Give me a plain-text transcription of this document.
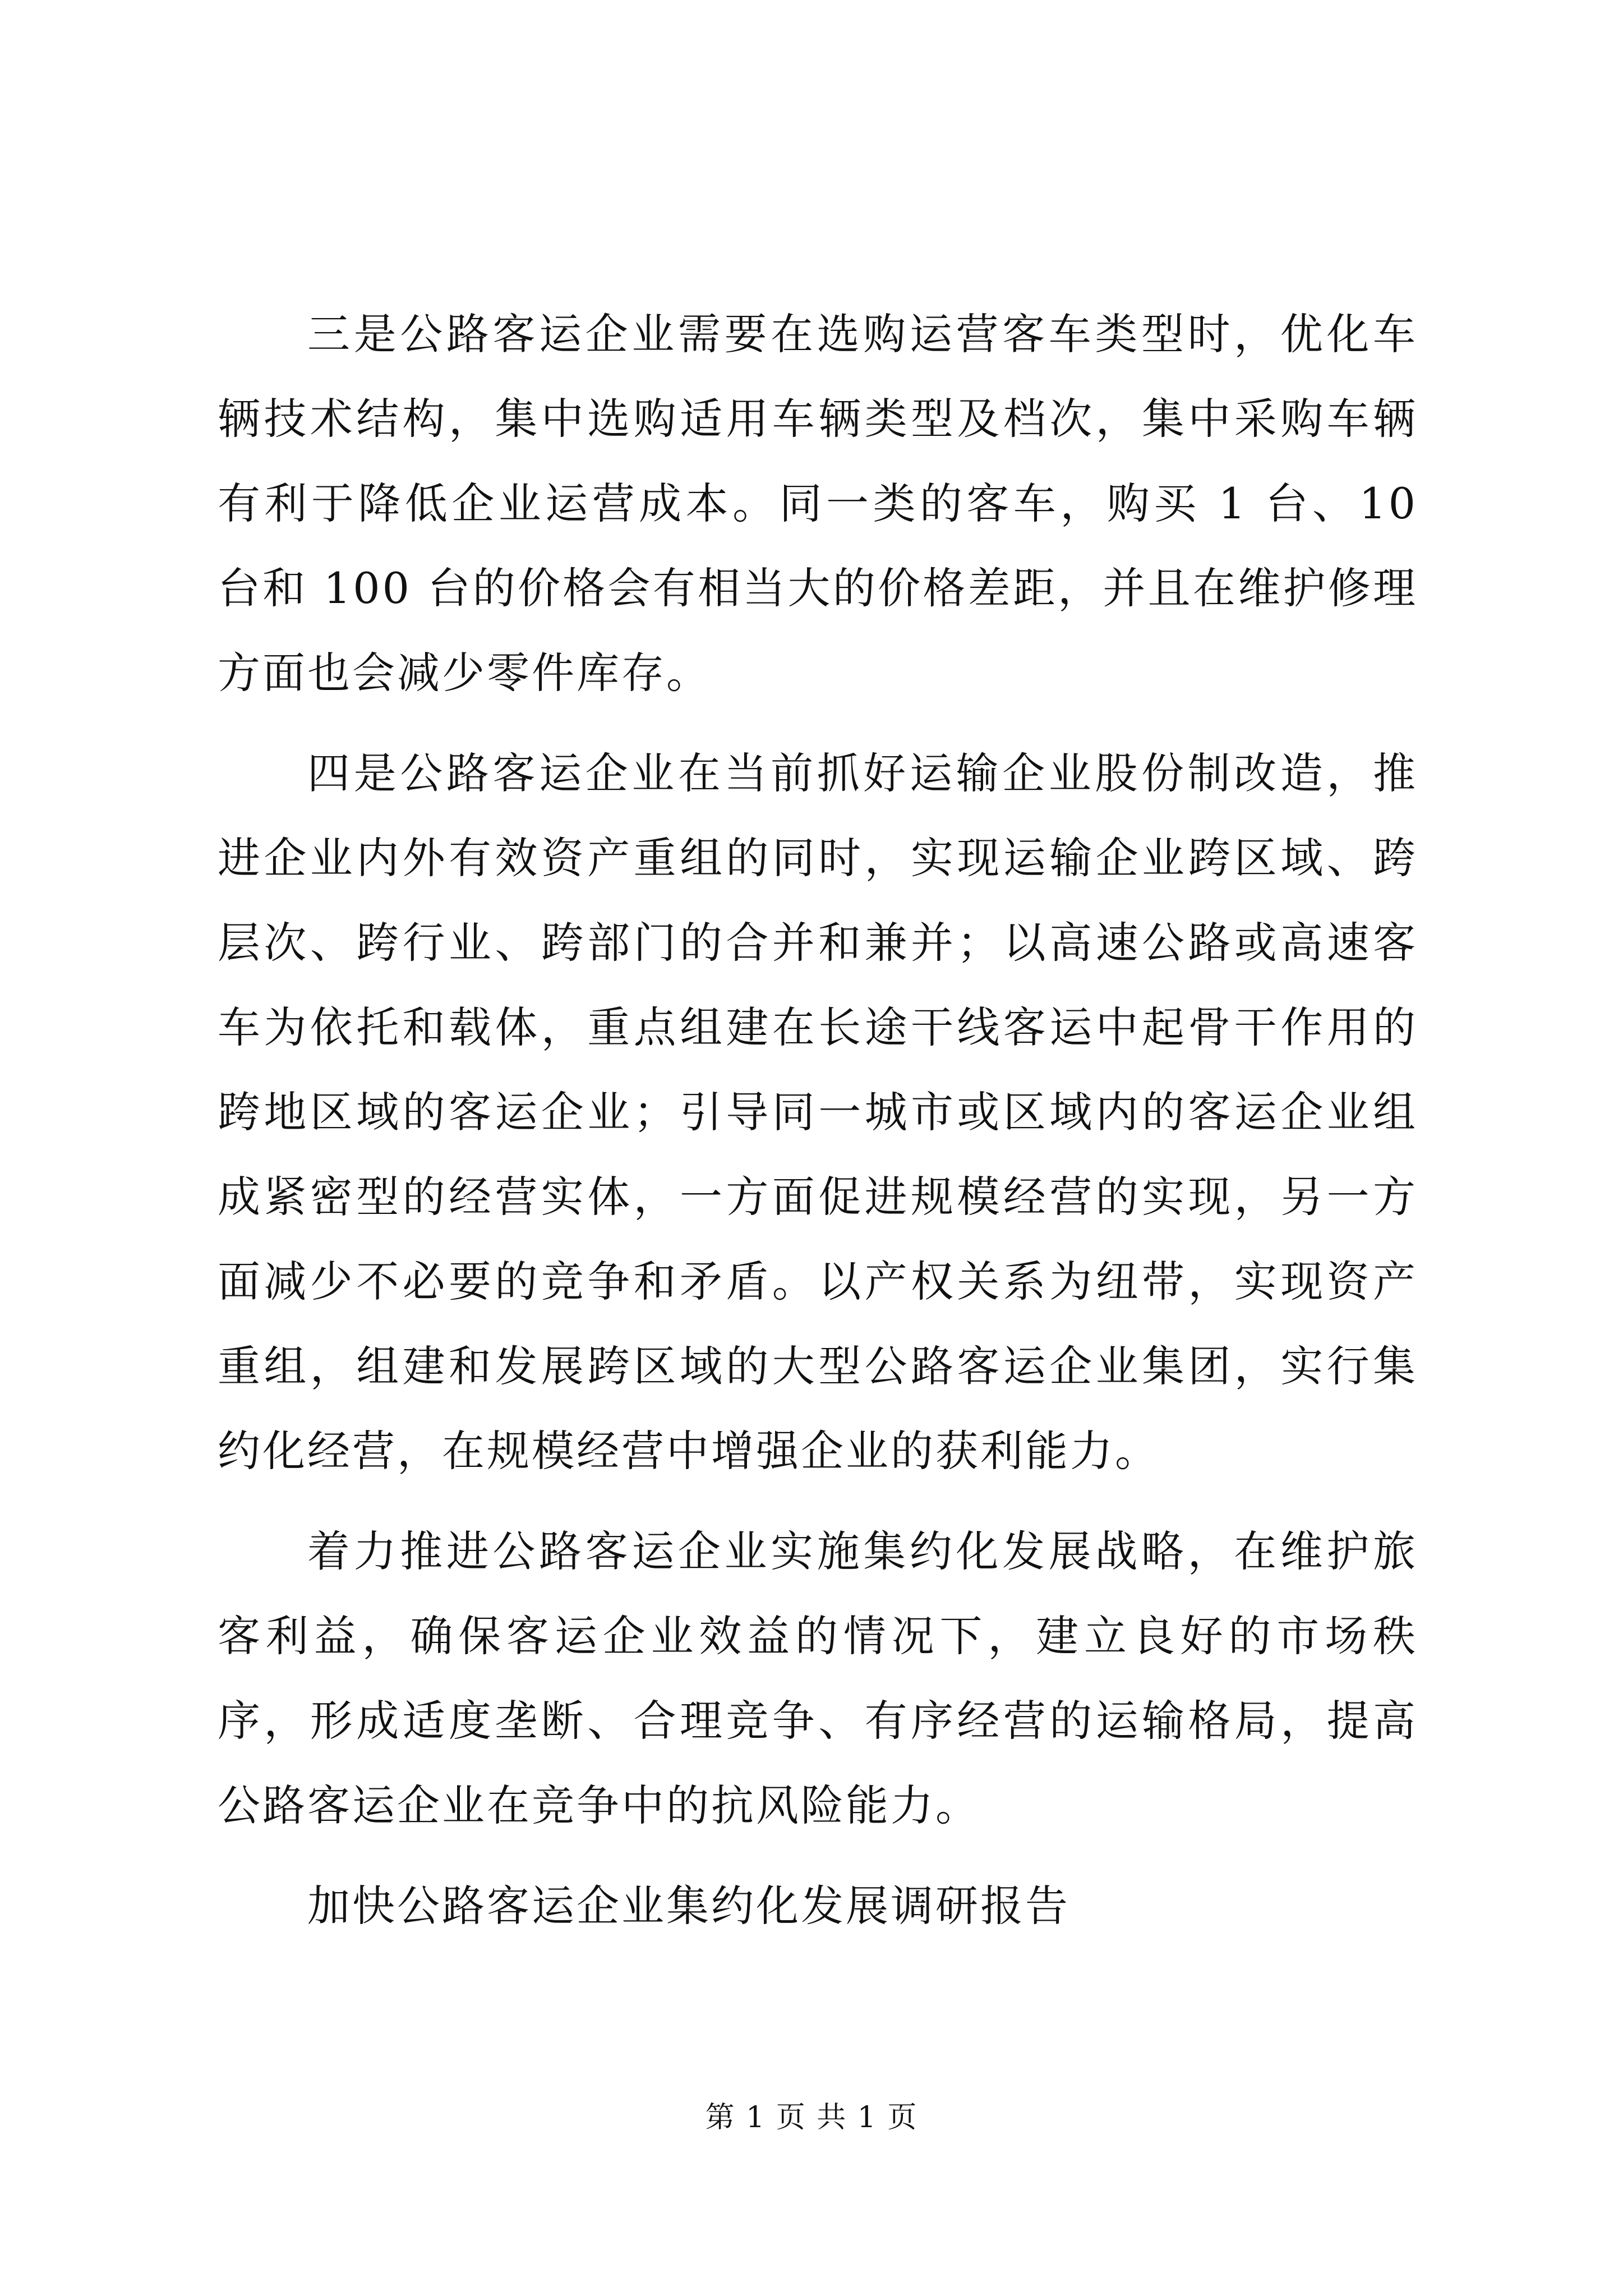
三是公路客运企业需要在选购运营客车类型时，优化车辆技术结构，集中选购适用车辆类型及档次，集中采购车辆有利于降低企业运营成本。同一类的客车，购买 1 台、10 台和 100 台的价格会有相当大的价格差距，并且在维护修理方面也会减少零件库存。

四是公路客运企业在当前抓好运输企业股份制改造，推进企业内外有效资产重组的同时，实现运输企业跨区域、跨层次、跨行业、跨部门的合并和兼并；以高速公路或高速客车为依托和载体，重点组建在长途干线客运中起骨干作用的跨地区域的客运企业；引导同一城市或区域内的客运企业组成紧密型的经营实体，一方面促进规模经营的实现，另一方面减少不必要的竞争和矛盾。以产权关系为纽带，实现资产重组，组建和发展跨区域的大型公路客运企业集团，实行集约化经营，在规模经营中增强企业的获利能力。

着力推进公路客运企业实施集约化发展战略，在维护旅客利益，确保客运企业效益的情况下，建立良好的市场秩序，形成适度垄断、合理竞争、有序经营的运输格局，提高公路客运企业在竞争中的抗风险能力。

加快公路客运企业集约化发展调研报告

第 1 页 共 1 页
